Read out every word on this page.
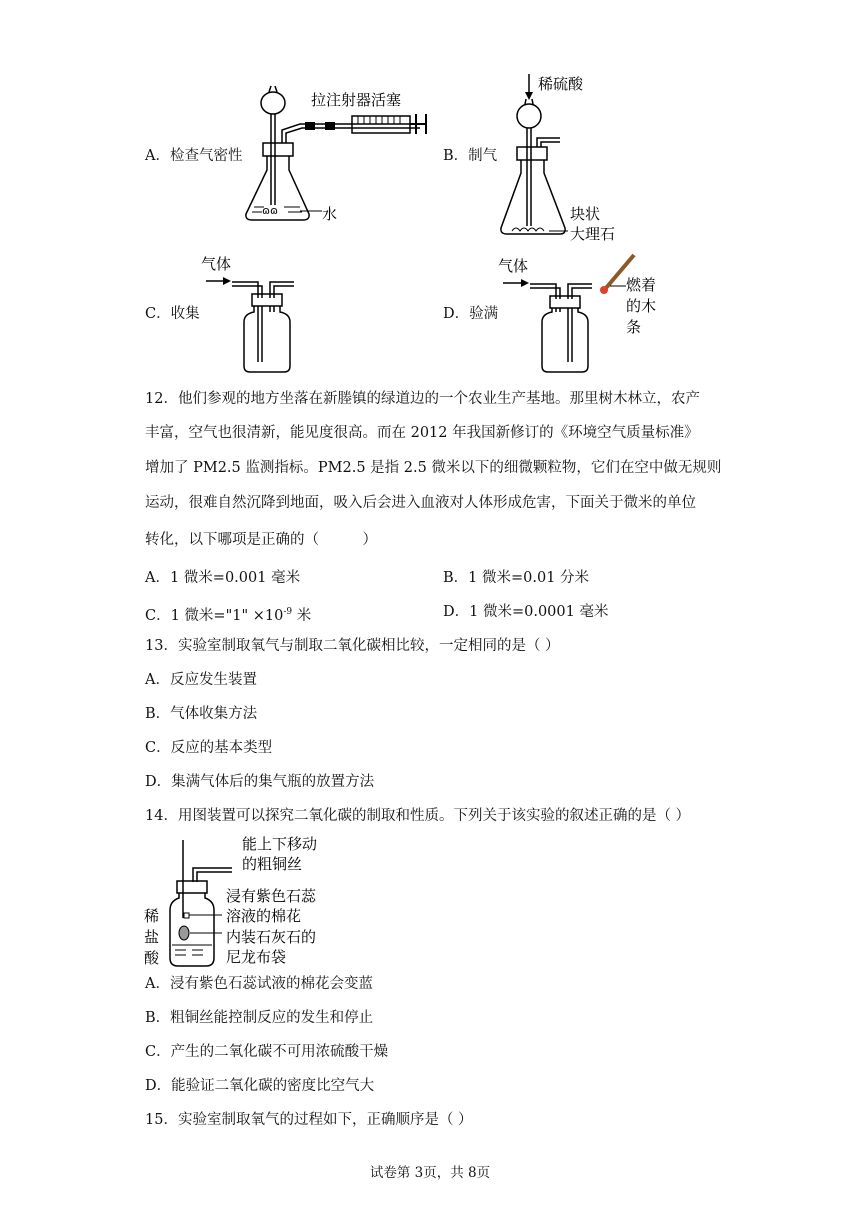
ɷɷ
拉注射器活塞
水
A．检查气密性
稀硫酸
块状
大理石
B．制气
气体
C．收集
气体
燃着
的木
条
D．验满
12．他们参观的地方坐落在新塍镇的绿道边的一个农业生产基地。那里树木林立，农产
丰富，空气也很清新，能见度很高。而在 2012 年我国新修订的《环境空气质量标准》
增加了 PM2.5 监测指标。PM2.5 是指 2.5 微米以下的细微颗粒物，它们在空中做无规则
运动，很难自然沉降到地面，吸入后会进入血液对人体形成危害，下面关于微米的单位
转化，以下哪项是正确的（　　　）
A．1 微米=0.001 毫米	B．1 微米=0.01 分米
C．1 微米="1" $\times 10^{-9}$ 米	D．1 微米=0.0001 毫米
13．实验室制取氧气与制取二氧化碳相比较，一定相同的是（ ）
A．反应发生装置
B．气体收集方法
C．反应的基本类型
D．集满气体后的集气瓶的放置方法
14．用图装置可以探究二氧化碳的制取和性质。下列关于该实验的叙述正确的是（ ）
能上下移动
的粗铜丝
浸有紫色石蕊
溶液的棉花
内装石灰石的
尼龙布袋
稀
盐
酸
A．浸有紫色石蕊试液的棉花会变蓝
B．粗铜丝能控制反应的发生和停止
C．产生的二氧化碳不可用浓硫酸干燥
D．能验证二氧化碳的密度比空气大
15．实验室制取氧气的过程如下，正确顺序是（ ）
试卷第 3页，共 8页
